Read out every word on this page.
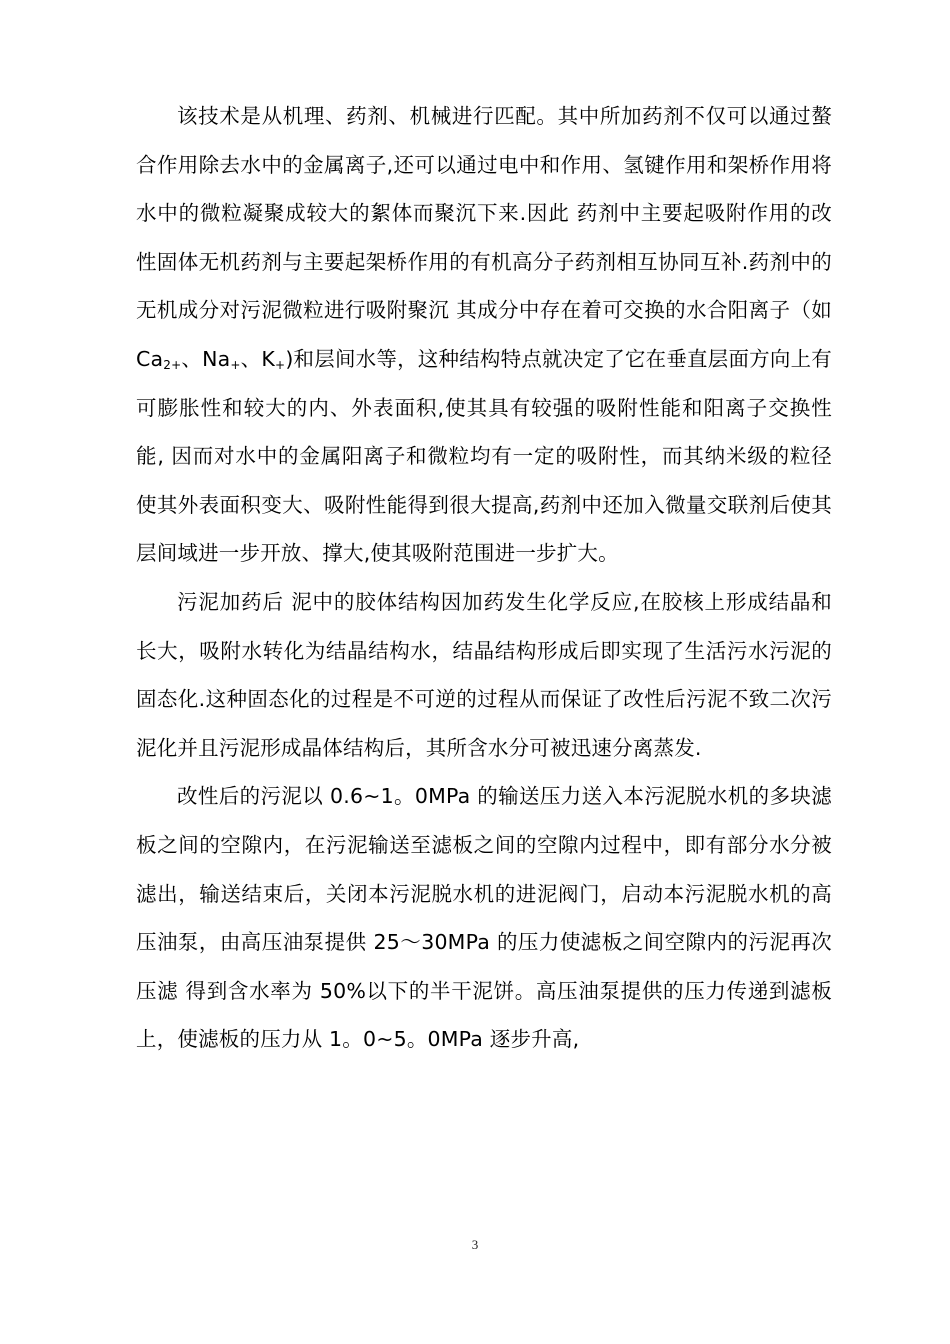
该技术是从机理、药剂、机械进行匹配。其中所加药剂不仅可以通过螯合作用除去水中的金属离子,还可以通过电中和作用、氢键作用和架桥作用将水中的微粒凝聚成较大的絮体而聚沉下来.因此 药剂中主要起吸附作用的改性固体无机药剂与主要起架桥作用的有机高分子药剂相互协同互补.药剂中的无机成分对污泥微粒进行吸附聚沉 其成分中存在着可交换的水合阳离子（如 $Ca_{2+}$、$Na_+$、$K_+$)和层间水等，这种结构特点就决定了它在垂直层面方向上有可膨胀性和较大的内、外表面积,使其具有较强的吸附性能和阳离子交换性能, 因而对水中的金属阳离子和微粒均有一定的吸附性，而其纳米级的粒径使其外表面积变大、吸附性能得到很大提高,药剂中还加入微量交联剂后使其层间域进一步开放、撑大,使其吸附范围进一步扩大。

污泥加药后 泥中的胶体结构因加药发生化学反应,在胶核上形成结晶和长大，吸附水转化为结晶结构水，结晶结构形成后即实现了生活污水污泥的固态化.这种固态化的过程是不可逆的过程从而保证了改性后污泥不致二次污泥化并且污泥形成晶体结构后，其所含水分可被迅速分离蒸发.

改性后的污泥以 0.6~1。0MPa 的输送压力送入本污泥脱水机的多块滤板之间的空隙内，在污泥输送至滤板之间的空隙内过程中，即有部分水分被滤出，输送结束后，关闭本污泥脱水机的进泥阀门，启动本污泥脱水机的高压油泵，由高压油泵提供 25～30MPa 的压力使滤板之间空隙内的污泥再次压滤 得到含水率为 50%以下的半干泥饼。高压油泵提供的压力传递到滤板上，使滤板的压力从 1。0~5。0MPa 逐步升高,

3
